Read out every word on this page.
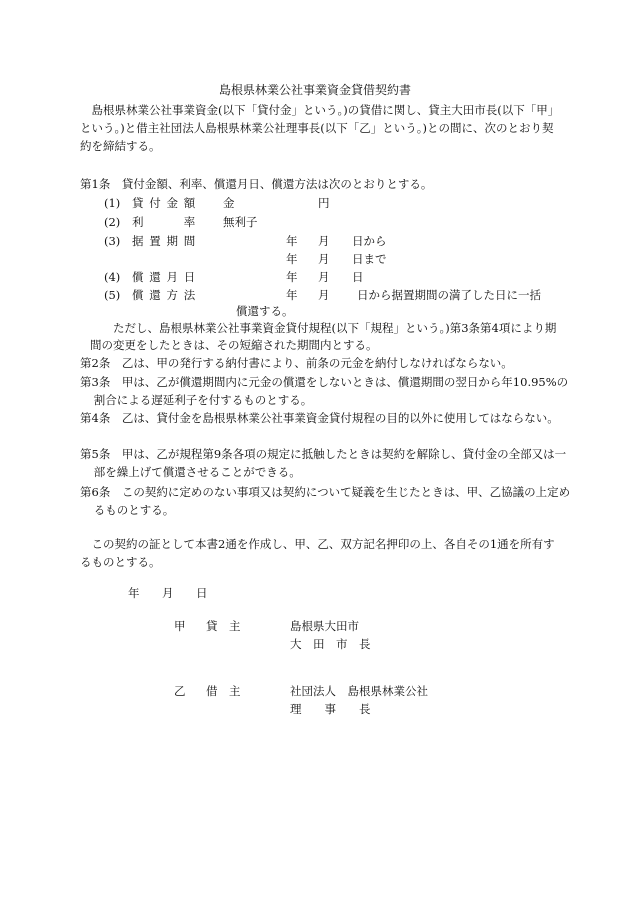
島根県林業公社事業資金貸借契約書
島根県林業公社事業資金(以下「貸付金」という。)の貸借に関し、貸主大田市長(以下「甲」という。)と借主社団法人島根県林業公社理事長(以下「乙」という。)との間に、次のとおり契約を締結する。
第1条　貸付金額、利率、償還月日、償還方法は次のとおりとする。
(1) 貸付金額 金	円
(2) 利　　率 無利子
(3) 据置期間	年 月 日から
年 月 日まで
(4) 償還月日	年 月 日
(5) 償還方法	年 月 日から据置期間の満了した日に一括
償還する。
ただし、島根県林業公社事業資金貸付規程(以下「規程」という。)第3条第4項により期間の変更をしたときは、その短縮された期間内とする。
第2条　乙は、甲の発行する納付書により、前条の元金を納付しなければならない。
第3条　甲は、乙が償還期間内に元金の償還をしないときは、償還期間の翌日から年10.95%の割合による遅延利子を付するものとする。
第4条　乙は、貸付金を島根県林業公社事業資金貸付規程の目的以外に使用してはならない。
第5条　甲は、乙が規程第9条各項の規定に抵触したときは契約を解除し、貸付金の全部又は一部を繰上げて償還させることができる。
第6条　この契約に定めのない事項又は契約について疑義を生じたときは、甲、乙協議の上定めるものとする。
この契約の証として本書2通を作成し、甲、乙、双方記名押印の上、各自その1通を所有するものとする。
年 月 日
甲 貸　主	島根県大田市
大　田　市　長
乙 借　主	社団法人　島根県林業公社
理　　事　　長
